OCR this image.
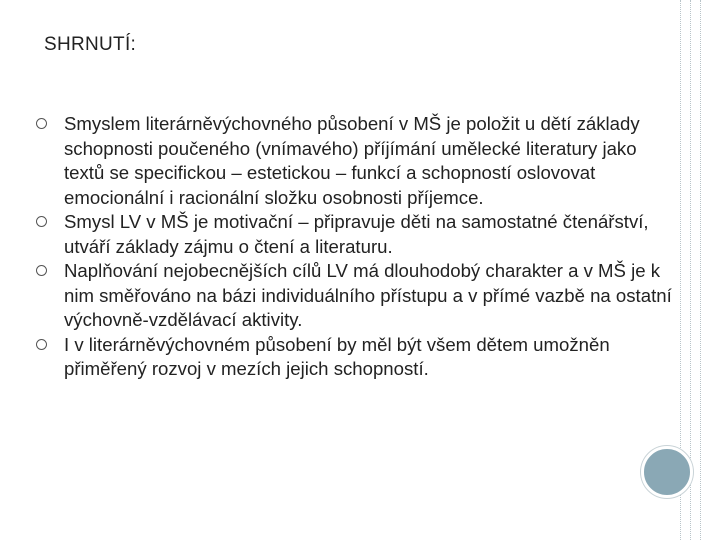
SHRNUTÍ:
Smyslem literárněvýchovného působení v MŠ je položit u dětí základy schopnosti poučeného (vnímavého) příjímání umělecké literatury jako textů se specifickou – estetickou – funkcí a schopností oslovovat emocionální i racionální složku osobnosti příjemce.
Smysl LV v MŠ je motivační – připravuje děti na samostatné čtenářství, utváří základy zájmu o čtení a literaturu.
Naplňování nejobecnějších cílů LV má dlouhodobý charakter a v MŠ je k nim směřováno na bázi individuálního přístupu a v přímé vazbě na ostatní výchovně-vzdělávací aktivity.
I v literárněvýchovném působení by měl být všem dětem umožněn přiměřený rozvoj v mezích jejich schopností.
